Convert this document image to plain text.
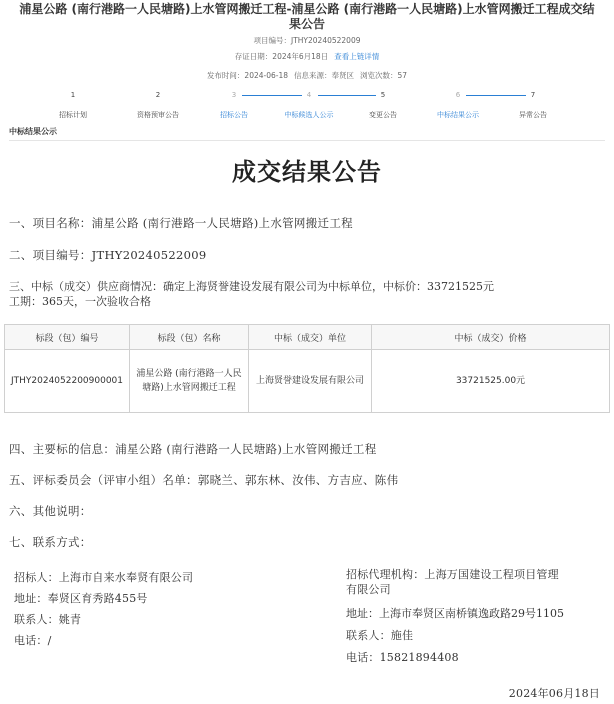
浦星公路 (南行港路一人民塘路)上水管网搬迁工程-浦星公路 (南行港路一人民塘路)上水管网搬迁工程成交结果公告
项目编号：JTHY20240522009
存证日期：2024年6月18日 查看上链详情
发布时间：2024-06-18 信息来源：奉贤区 浏览次数：57
1
招标计划
2
资格预审公告
3
招标公告
4
中标候选人公示
5
变更公告
6
中标结果公示
7
异常公告
中标结果公示
成交结果公告
一、项目名称：浦星公路 (南行港路一人民塘路)上水管网搬迁工程
二、项目编号：JTHY20240522009
三、中标（成交）供应商情况：确定上海贤誉建设发展有限公司为中标单位，中标价：33721525元
工期：365天，一次验收合格
标段（包）编号	标段（包）名称	中标（成交）单位	中标（成交）价格
JTHY2024052200900001	浦星公路 (南行港路一人民塘路)上水管网搬迁工程	上海贤誉建设发展有限公司	33721525.00元
四、主要标的信息：浦星公路 (南行港路一人民塘路)上水管网搬迁工程
五、评标委员会（评审小组）名单：郭晓兰、郭东林、汝伟、方吉应、陈伟
六、其他说明：
七、联系方式：
招标人：上海市自来水奉贤有限公司
地址：奉贤区育秀路455号
联系人：姚青
电话：/
招标代理机构：上海万国建设工程项目管理
有限公司
地址：上海市奉贤区南桥镇逸政路29号1105
联系人：施佳
电话：15821894408
2024年06月18日
